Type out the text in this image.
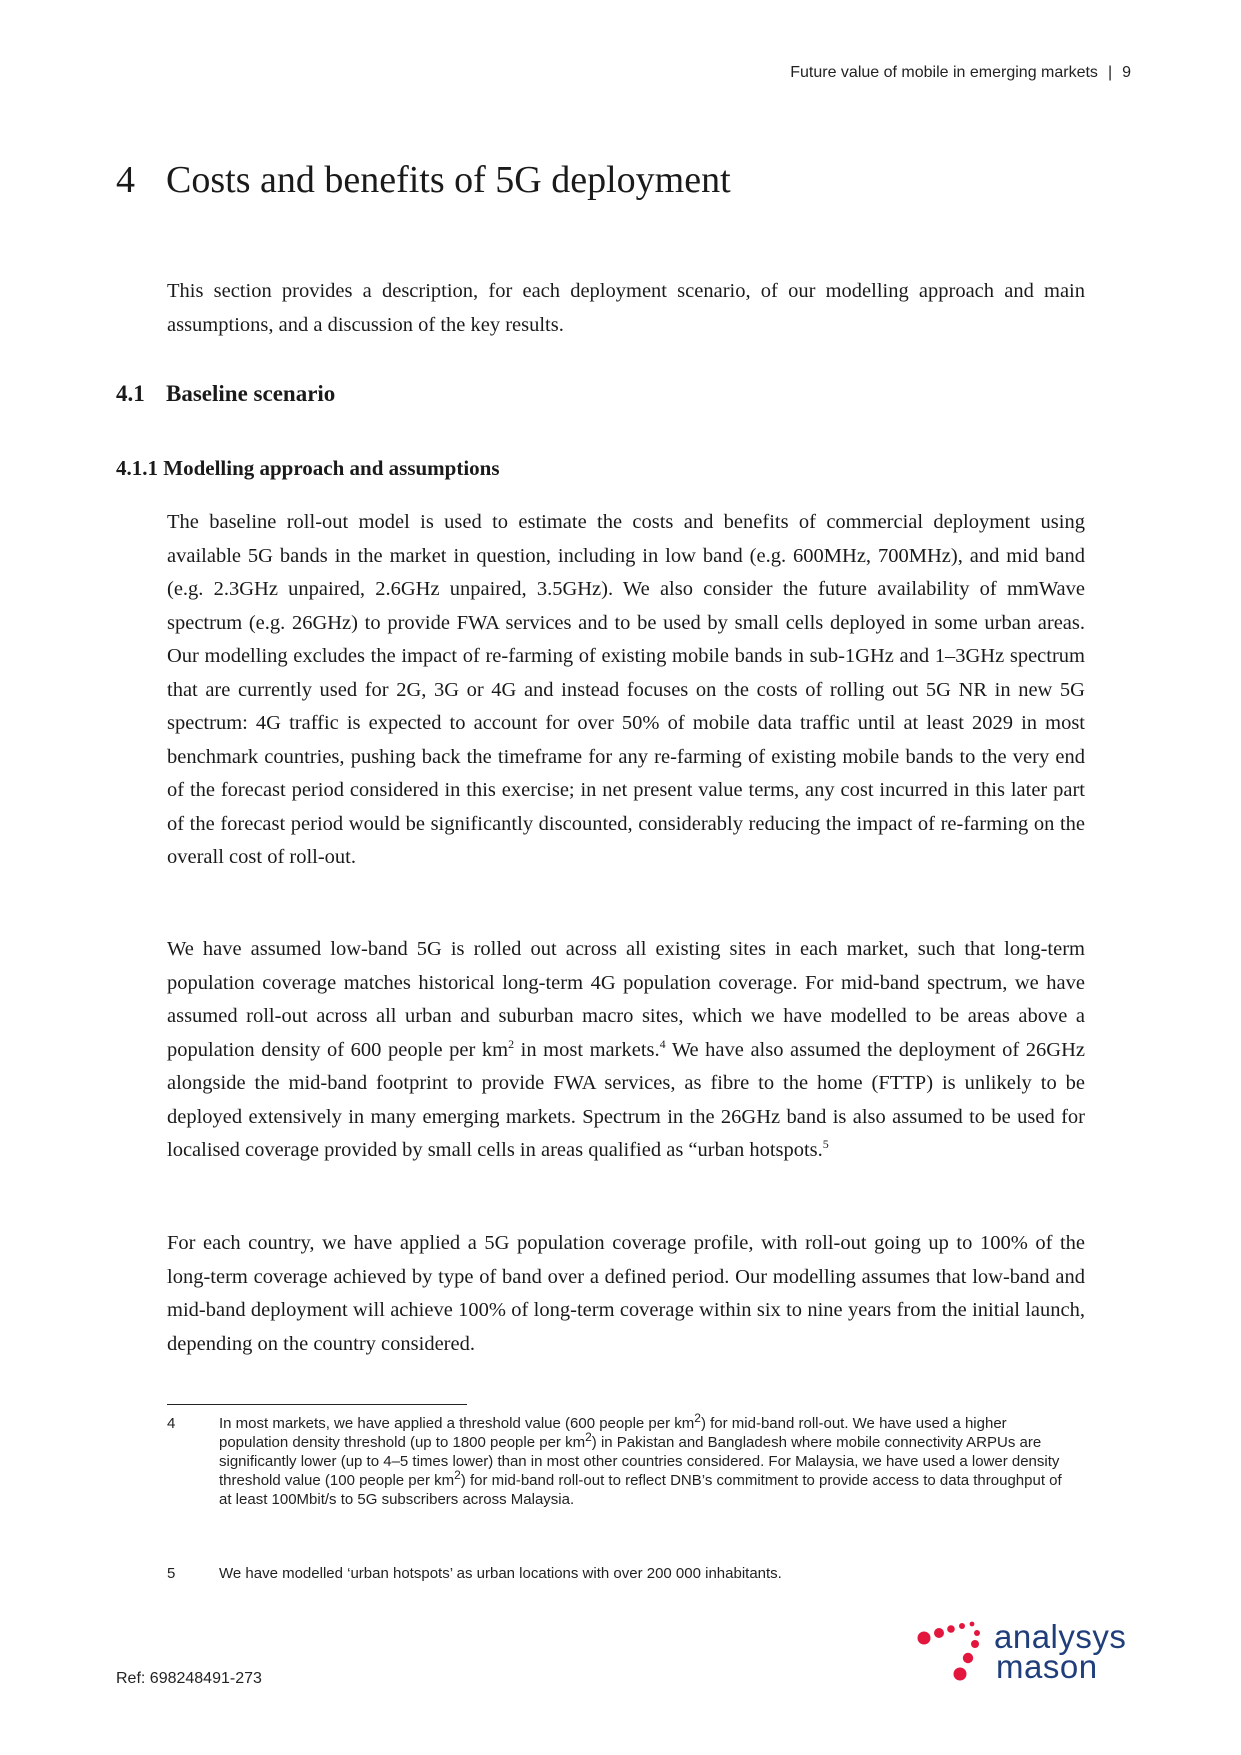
Future value of mobile in emerging markets | 9
4 Costs and benefits of 5G deployment

This section provides a description, for each deployment scenario, of our modelling approach and main assumptions, and a discussion of the key results.

4.1 Baseline scenario
4.1.1 Modelling approach and assumptions

The baseline roll-out model is used to estimate the costs and benefits of commercial deployment using available 5G bands in the market in question, including in low band (e.g. 600MHz, 700MHz), and mid band (e.g. 2.3GHz unpaired, 2.6GHz unpaired, 3.5GHz). We also consider the future availability of mmWave spectrum (e.g. 26GHz) to provide FWA services and to be used by small cells deployed in some urban areas. Our modelling excludes the impact of re-farming of existing mobile bands in sub-1GHz and 1–3GHz spectrum that are currently used for 2G, 3G or 4G and instead focuses on the costs of rolling out 5G NR in new 5G spectrum: 4G traffic is expected to account for over 50% of mobile data traffic until at least 2029 in most benchmark countries, pushing back the timeframe for any re-farming of existing mobile bands to the very end of the forecast period considered in this exercise; in net present value terms, any cost incurred in this later part of the forecast period would be significantly discounted, considerably reducing the impact of re-farming on the overall cost of roll-out.

We have assumed low-band 5G is rolled out across all existing sites in each market, such that long-term population coverage matches historical long-term 4G population coverage. For mid-band spectrum, we have assumed roll-out across all urban and suburban macro sites, which we have modelled to be areas above a population density of 600 people per $km^2$ in most markets.$^4$ We have also assumed the deployment of 26GHz alongside the mid-band footprint to provide FWA services, as fibre to the home (FTTP) is unlikely to be deployed extensively in many emerging markets. Spectrum in the 26GHz band is also assumed to be used for localised coverage provided by small cells in areas qualified as “urban hotspots.$^5$

For each country, we have applied a 5G population coverage profile, with roll-out going up to 100% of the long-term coverage achieved by type of band over a defined period. Our modelling assumes that low-band and mid-band deployment will achieve 100% of long-term coverage within six to nine years from the initial launch, depending on the country considered.

4	In most markets, we have applied a threshold value (600 people per $km^2$) for mid-band roll-out. We have used a higher population density threshold (up to 1800 people per $km^2$) in Pakistan and Bangladesh where mobile connectivity ARPUs are significantly lower (up to 4–5 times lower) than in most other countries considered. For Malaysia, we have used a lower density threshold value (100 people per $km^2$) for mid-band roll-out to reflect DNB’s commitment to provide access to data throughput of at least 100Mbit/s to 5G subscribers across Malaysia.
5	We have modelled ‘urban hotspots’ as urban locations with over 200 000 inhabitants.
Ref: 698248491-273
analysys
mason
